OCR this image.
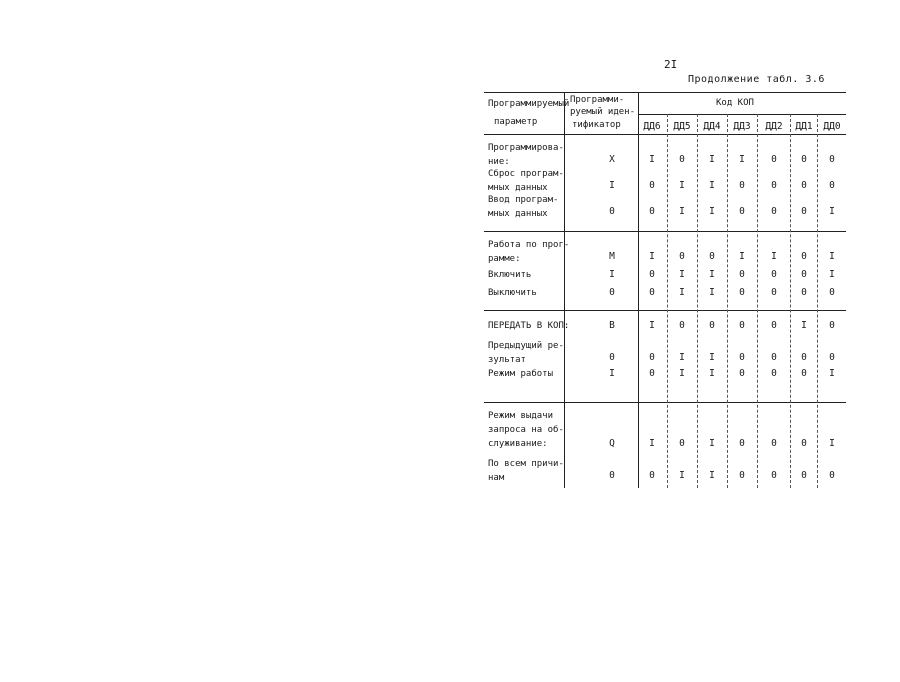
2I
Продолжение табл. 3.6
Программируемый
параметр
Программи-
руемый иден-
тификатор
Код КОП
ДД6 ДД5 ДД4 ДД3 ДД2 ДД1 ДД0
Программирова-
ние:	X	I	0	I	I	0	0	0
Сброс програм-
мных данных	I	0	I	I	0	0	0	0
Ввод програм-
мных данных	0	0	I	I	0	0	0	I
Работа по прог-
рамме:	M	I	0	0	I	I	0	I
Включить	I	0	I	I	0	0	0	I
Выключить	0	0	I	I	0	0	0	0
ПЕРЕДАТЬ В КОП:	B	I	0	0	0	0	I	0
Предыдущий ре-
зультат	0	0	I	I	0	0	0	0
Режим работы	I	0	I	I	0	0	0	I
Режим выдачи
запроса на об-
служивание:	Q	I	0	I	0	0	0	I
По всем причи-
нам	0	0	I	I	0	0	0	0
